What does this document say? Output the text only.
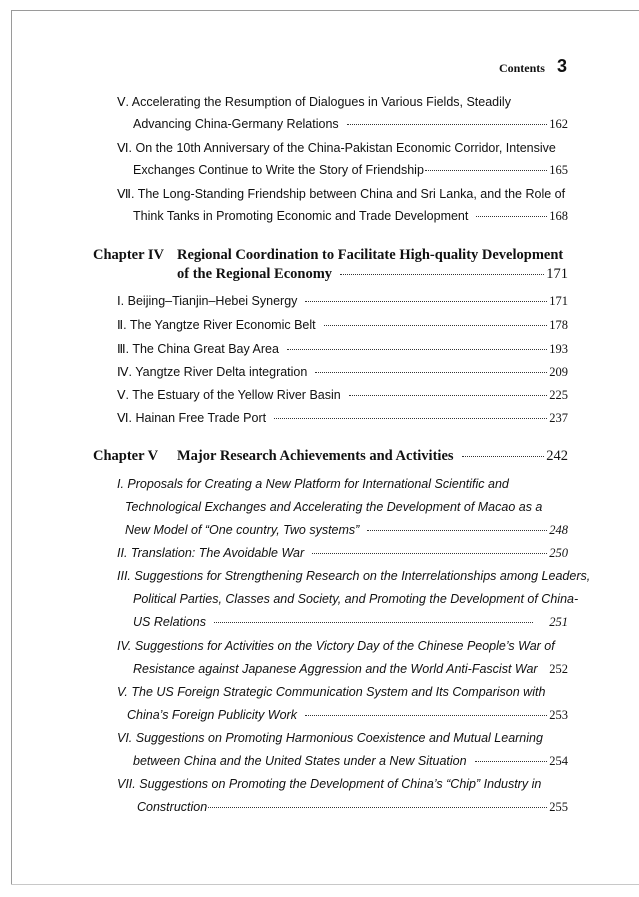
Contents 3
Ⅴ. Accelerating the Resumption of Dialogues in Various Fields, Steadily
Advancing China-Germany Relations	162
Ⅵ. On the 10th Anniversary of the China-Pakistan Economic Corridor, Intensive
Exchanges Continue to Write the Story of Friendship	165
Ⅶ. The Long-Standing Friendship between China and Sri Lanka, and the Role of
Think Tanks in Promoting Economic and Trade Development	168
Chapter IV Regional Coordination to Facilitate High-quality Development
of the Regional Economy	171
Ⅰ. Beijing–Tianjin–Hebei Synergy	171
Ⅱ. The Yangtze River Economic Belt	178
Ⅲ. The China Great Bay Area	193
Ⅳ. Yangtze River Delta integration	209
Ⅴ. The Estuary of the Yellow River Basin	225
Ⅵ. Hainan Free Trade Port	237
Chapter V	Major Research Achievements and Activities	242
I. Proposals for Creating a New Platform for International Scientific and
Technological Exchanges and Accelerating the Development of Macao as a
New Model of “One country, Two systems”	248
II. Translation: The Avoidable War	250
III. Suggestions for Strengthening Research on the Interrelationships among Leaders,
Political Parties, Classes and Society, and Promoting the Development of China-
US Relations	251
IV. Suggestions for Activities on the Victory Day of the Chinese People’s War of
Resistance against Japanese Aggression and the World Anti-Fascist War 252
V. The US Foreign Strategic Communication System and Its Comparison with
China’s Foreign Publicity Work	253
VI. Suggestions on Promoting Harmonious Coexistence and Mutual Learning
between China and the United States under a New Situation	254
VII. Suggestions on Promoting the Development of China’s “Chip” Industry in
Construction	255
